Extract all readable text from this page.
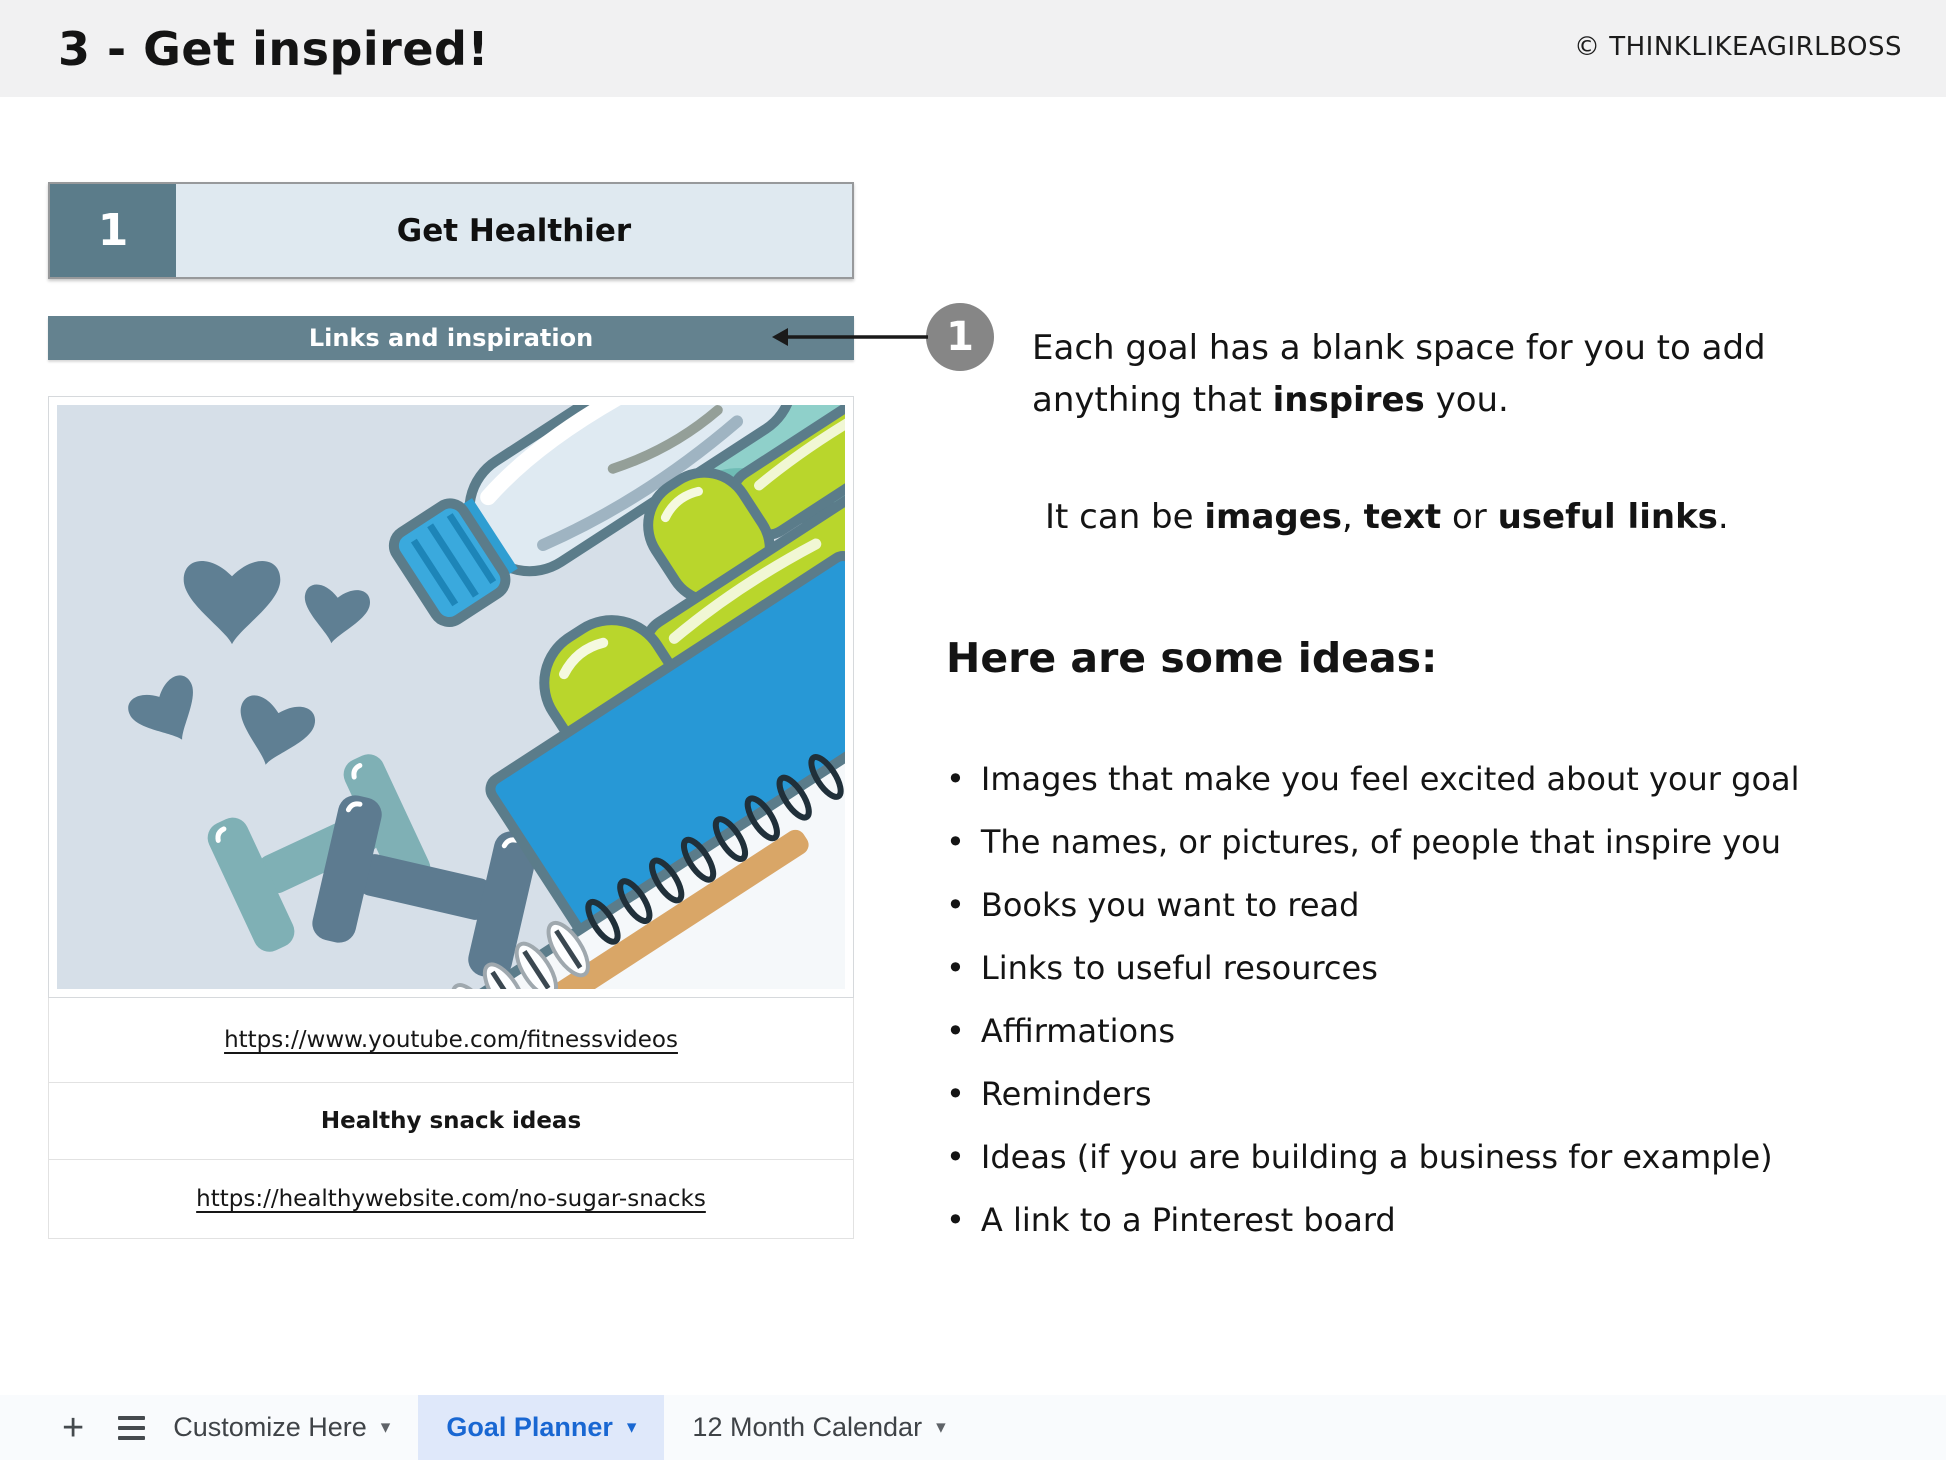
3 - Get inspired!	© THINKLIKEAGIRLBOSS
1	Get Healthier
Links and inspiration
https://www.youtube.com/fitnessvideos
Healthy snack ideas
https://healthywebsite.com/no-sugar-snacks
1	Each goal has a blank space for you to add anything that inspires you.

It can be images, text or useful links.

Here are some ideas:
• Images that make you feel excited about your goal
• The names, or pictures, of people that inspire you
• Books you want to read
• Links to useful resources
• Affirmations
• Reminders
• Ideas (if you are building a business for example)
• A link to a Pinterest board
+	Customize Here ▾ Goal Planner ▾ 12 Month Calendar ▾
